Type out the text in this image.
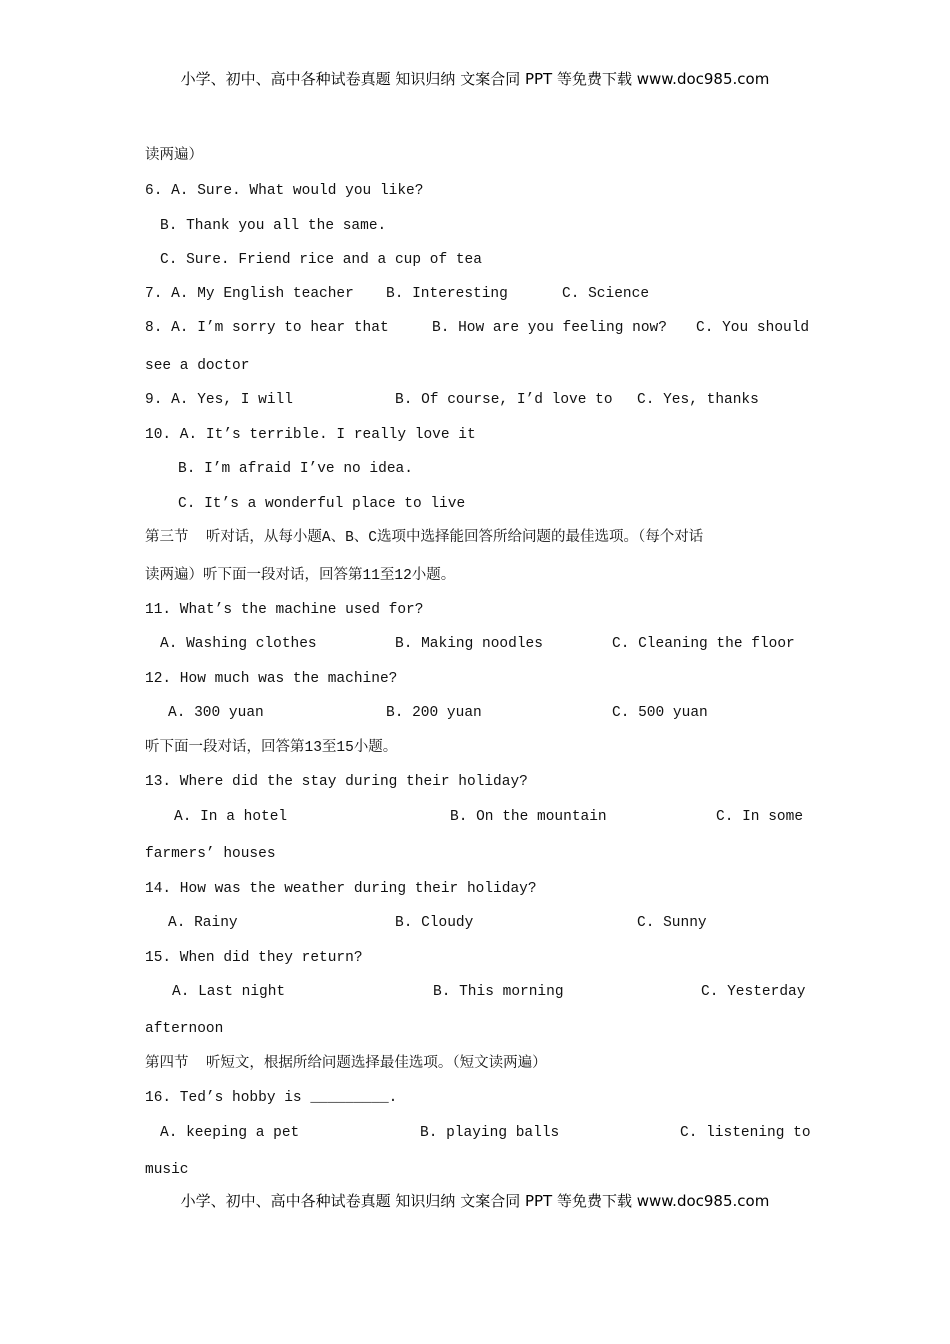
小学、初中、高中各种试卷真题 知识归纳 文案合同 PPT 等免费下载 www.doc985.com
读两遍）
6. A. Sure. What would you like?
B. Thank you all the same.
C. Sure. Friend rice and a cup of tea
7. A. My English teacher B. Interesting	C. Science
8. A. I’m sorry to hear that	B. How are you feeling now? C. You should
see a doctor
9. A. Yes, I will	B. Of course, I’d love to C. Yes, thanks
10. A. It’s terrible. I really love it
B. I’m afraid I’ve no idea.
C. It’s a wonderful place to live
第三节  听对话，从每小题A、B、C选项中选择能回答所给问题的最佳选项。（每个对话
读两遍）听下面一段对话，回答第11至12小题。
11. What’s the machine used for?
A. Washing clothes	B. Making noodles	C. Cleaning the floor
12. How much was the machine?
A. 300 yuan	B. 200 yuan	C. 500 yuan
听下面一段对话，回答第13至15小题。
13. Where did the stay during their holiday?
A. In a hotel	B. On the mountain	C. In some
farmers’ houses
14. How was the weather during their holiday?
A. Rainy	B. Cloudy	C. Sunny
15. When did they return?
A. Last night	B. This morning	C. Yesterday
afternoon
第四节  听短文，根据所给问题选择最佳选项。（短文读两遍）
16. Ted’s hobby is _________.
A. keeping a pet	B. playing balls	C. listening to
music
小学、初中、高中各种试卷真题 知识归纳 文案合同 PPT 等免费下载 www.doc985.com
